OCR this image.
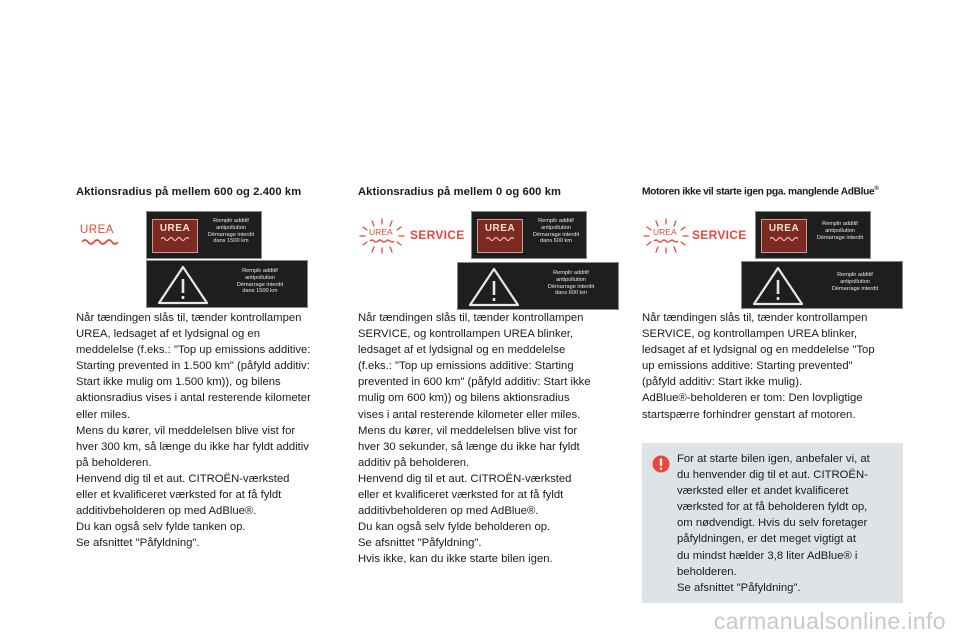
Aktionsradius på mellem 600 og 2.400 km

UREA	UREA
Remplir additif
antipollution
Démarrage interdit
dans 1500 km
Remplir additif
antipollution
Démarrage interdit
dans 1500 km

Når tændingen slås til, tænder kontrollampen
UREA, ledsaget af et lydsignal og en
meddelelse (f.eks.: "Top up emissions additive:
Starting prevented in 1.500 km" (påfyld additiv:
Start ikke mulig om 1.500 km)), og bilens
aktionsradius vises i antal resterende kilometer
eller miles.
Mens du kører, vil meddelelsen blive vist for
hver 300 km, så længe du ikke har fyldt additiv
på beholderen.
Henvend dig til et aut. CITROËN-værksted
eller et kvalificeret værksted for at få fyldt
additivbeholderen op med AdBlue®.
Du kan også selv fylde tanken op.
Se afsnittet "Påfyldning".

Aktionsradius på mellem 0 og 600 km

UREA SERVICE	UREA
Remplir additif
antipollution
Démarrage interdit
dans 600 km
Remplir additif
antipollution
Démarrage interdit
dans 600 km

Når tændingen slås til, tænder kontrollampen
SERVICE, og kontrollampen UREA blinker,
ledsaget af et lydsignal og en meddelelse
(f.eks.: "Top up emissions additive: Starting
prevented in 600 km" (påfyld additiv: Start ikke
mulig om 600 km)) og bilens aktionsradius
vises i antal resterende kilometer eller miles.
Mens du kører, vil meddelelsen blive vist for
hver 30 sekunder, så længe du ikke har fyldt
additiv på beholderen.
Henvend dig til et aut. CITROËN-værksted
eller et kvalificeret værksted for at få fyldt
additivbeholderen op med AdBlue®.
Du kan også selv fylde beholderen op.
Se afsnittet "Påfyldning".
Hvis ikke, kan du ikke starte bilen igen.

Motoren ikke vil starte igen pga. manglende AdBlue®

UREA SERVICE	UREA	Remplir additif
antipollution
Démarrage interdit
Remplir additif
antipollution
Démarrage interdit

Når tændingen slås til, tænder kontrollampen
SERVICE, og kontrollampen UREA blinker,
ledsaget af et lydsignal og en meddelelse "Top
up emissions additive: Starting prevented"
(påfyld additiv: Start ikke mulig).
AdBlue®-beholderen er tom: Den lovpligtige
startspærre forhindrer genstart af motoren.

For at starte bilen igen, anbefaler vi, at
du henvender dig til et aut. CITROËN-
værksted eller et andet kvalificeret
værksted for at få beholderen fyldt op,
om nødvendigt. Hvis du selv foretager
påfyldningen, er det meget vigtigt at
du mindst hælder 3,8 liter AdBlue® i
beholderen.
Se afsnittet "Påfyldning".

carmanualsonline.info
